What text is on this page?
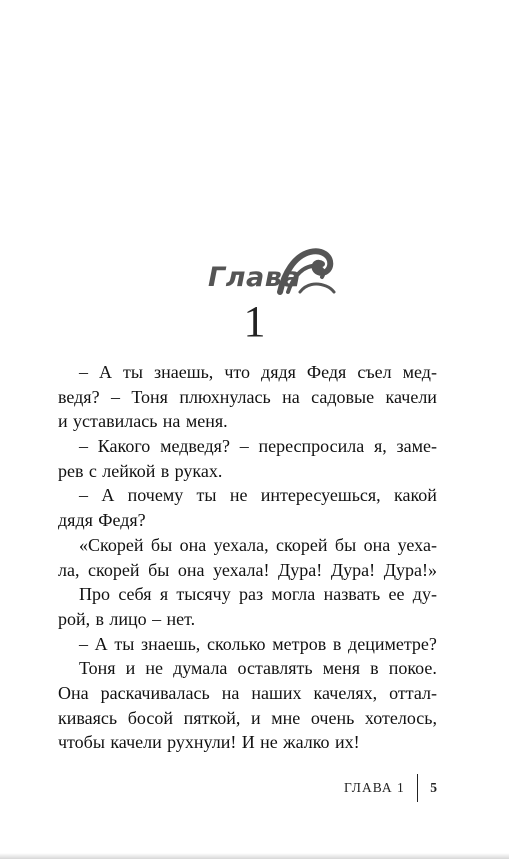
Глава
1
– А ты знаешь, что дядя Федя съел мед-
ведя? – Тоня плюхнулась на садовые качели
и уставилась на меня.
– Какого медведя? – переспросила я, заме-
рев с лейкой в руках.
– А почему ты не интересуешься, какой
дядя Федя?
«Скорей бы она уехала, скорей бы она уеха-
ла, скорей бы она уехала! Дура! Дура! Дура!»
Про себя я тысячу раз могла назвать ее ду-
рой, в лицо – нет.
– А ты знаешь, сколько метров в дециметре?
Тоня и не думала оставлять меня в покое.
Она раскачивалась на наших качелях, оттал-
киваясь босой пяткой, и мне очень хотелось,
чтобы качели рухнули! И не жалко их!
ГЛАВА 1	5
